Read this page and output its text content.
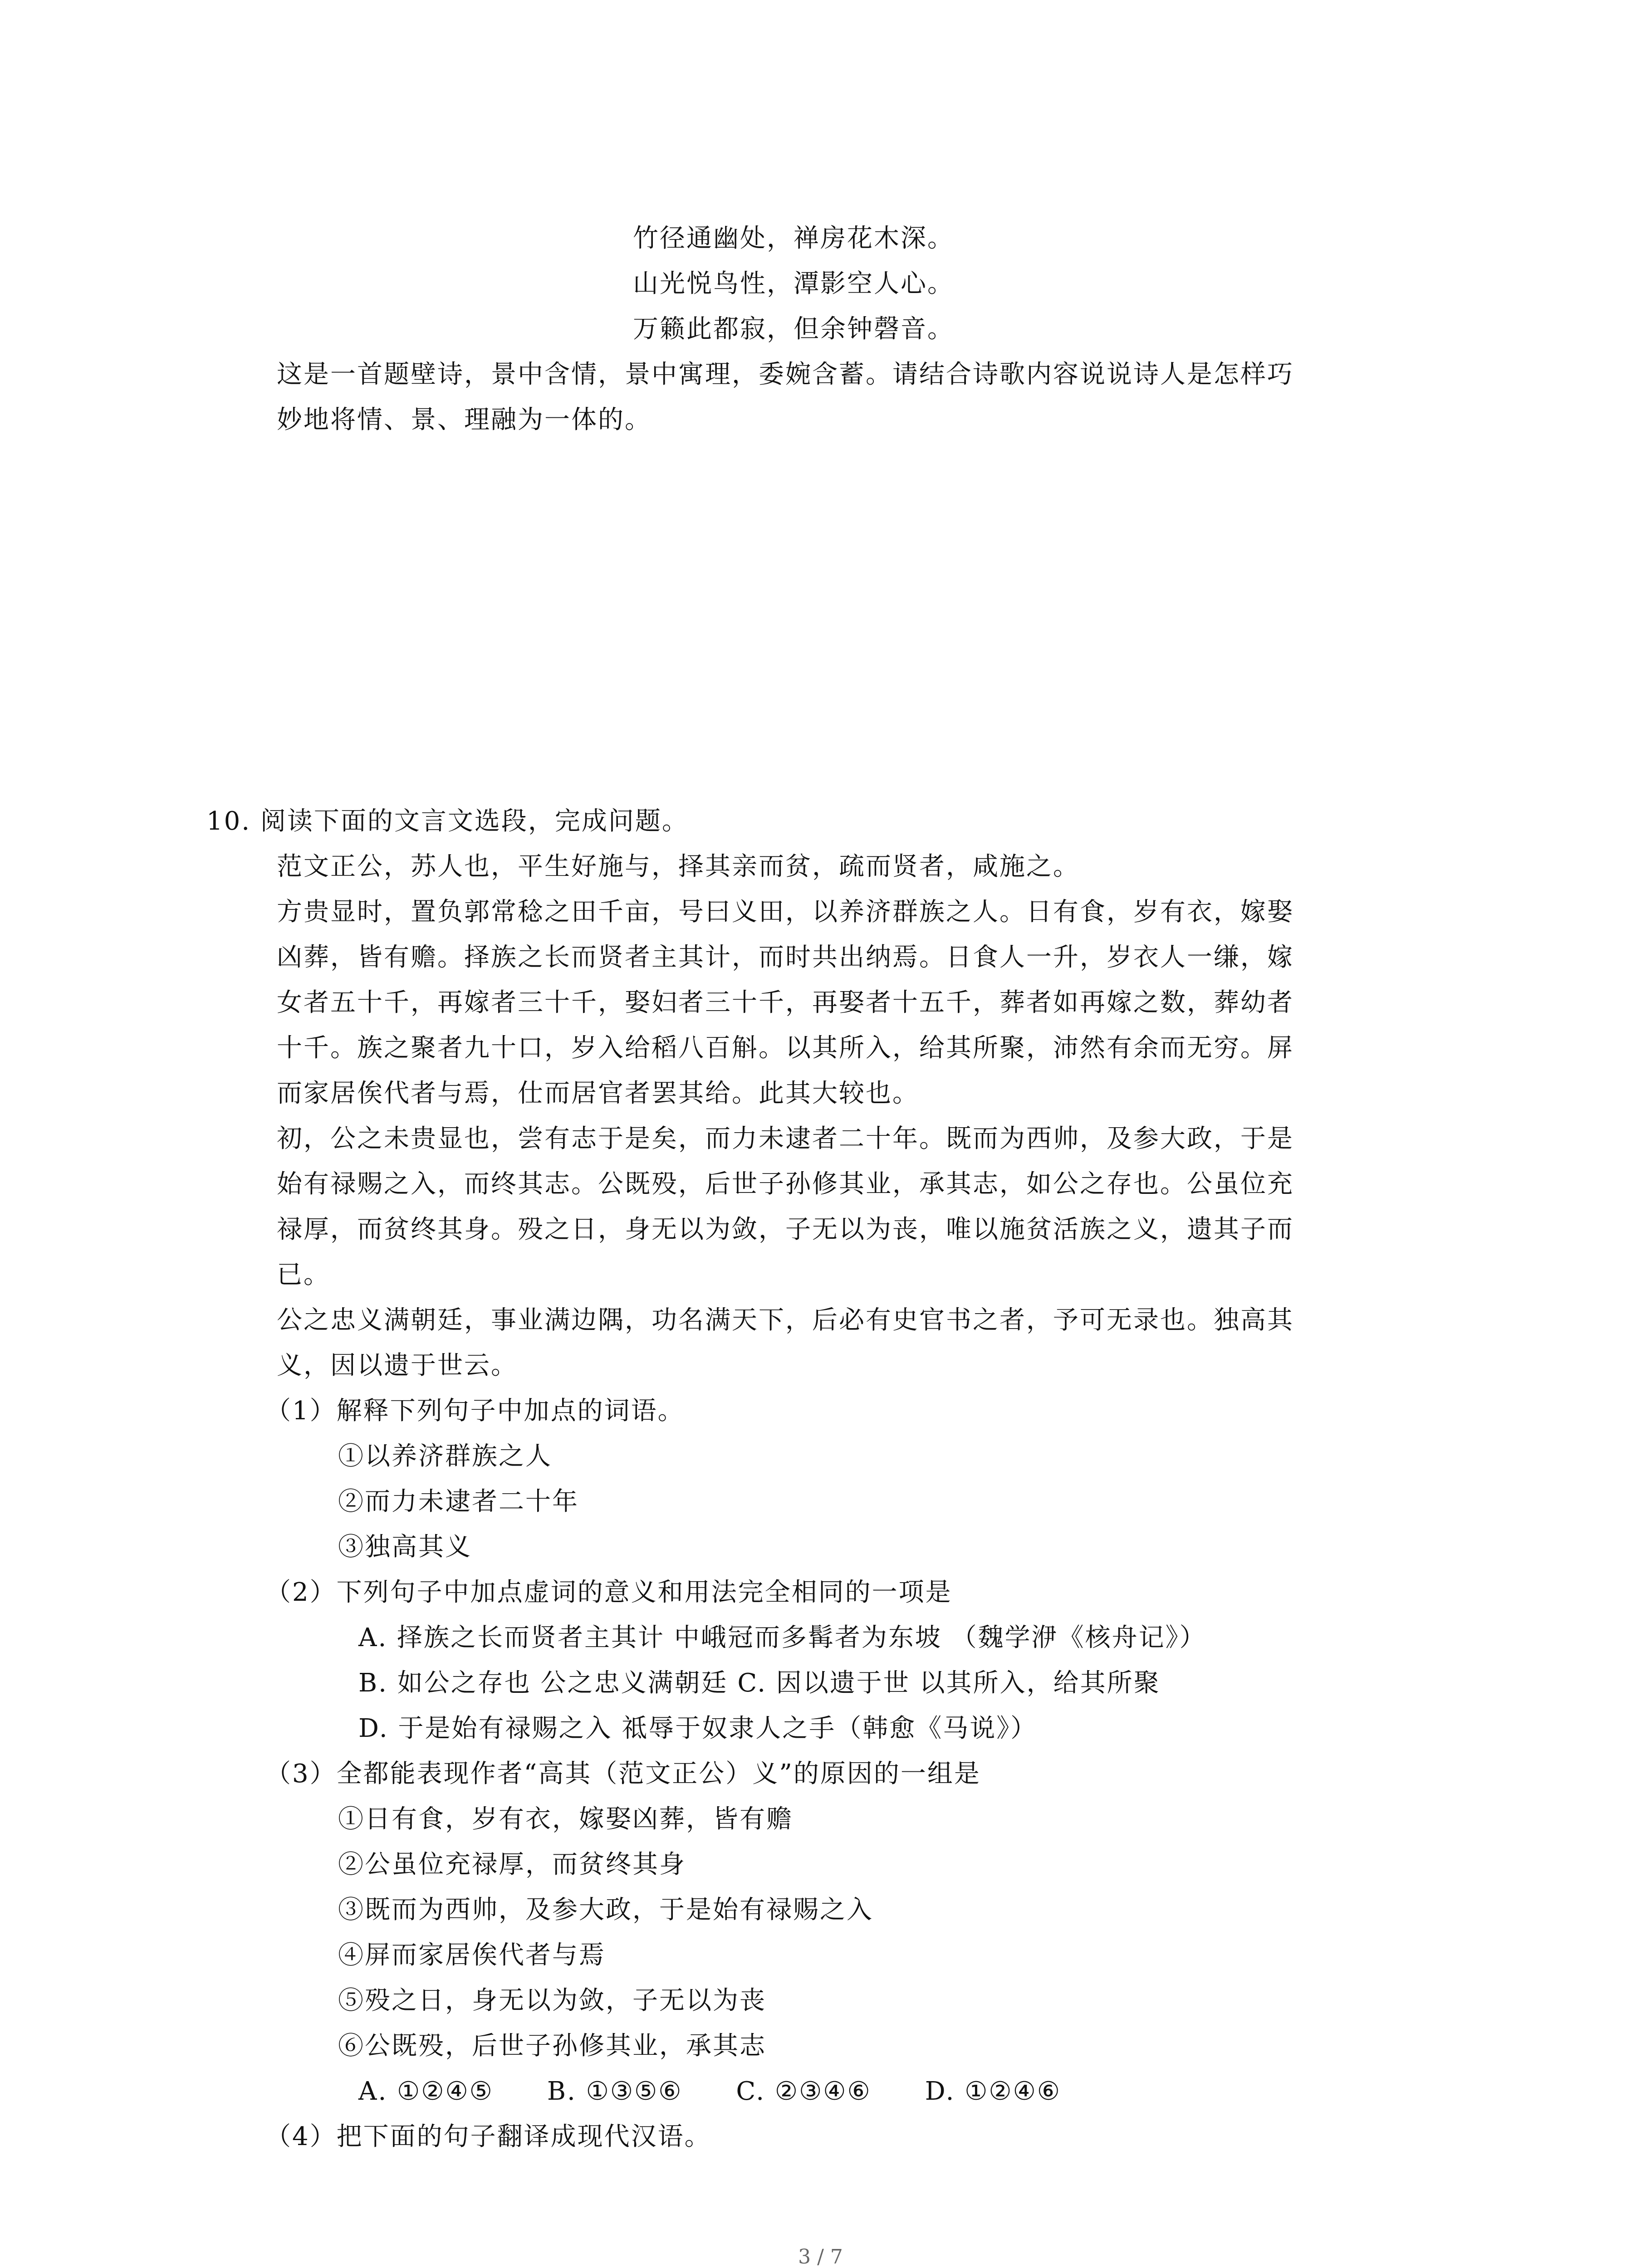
竹径通幽处，禅房花木深。
山光悦鸟性，潭影空人心。
万籁此都寂，但余钟磬音。
这是一首题壁诗，景中含情，景中寓理，委婉含蓄。请结合诗歌内容说说诗人是怎样巧
妙地将情、景、理融为一体的。
10. 阅读下面的文言文选段，完成问题。
范文正公，苏人也，平生好施与，择其亲而贫，疏而贤者，咸施之。
方贵显时，置负郭常稔之田千亩，号曰义田，以养济群族之人。日有食，岁有衣，嫁娶
凶葬，皆有赡。择族之长而贤者主其计，而时共出纳焉。日食人一升，岁衣人一缣，嫁
女者五十千，再嫁者三十千，娶妇者三十千，再娶者十五千，葬者如再嫁之数，葬幼者
十千。族之聚者九十口，岁入给稻八百斛。以其所入，给其所聚，沛然有余而无穷。屏
而家居俟代者与焉，仕而居官者罢其给。此其大较也。
初，公之未贵显也，尝有志于是矣，而力未逮者二十年。既而为西帅，及参大政，于是
始有禄赐之入，而终其志。公既殁，后世子孙修其业，承其志，如公之存也。公虽位充
禄厚，而贫终其身。殁之日，身无以为敛，子无以为丧，唯以施贫活族之义，遗其子而
已。
公之忠义满朝廷，事业满边隅，功名满天下，后必有史官书之者，予可无录也。独高其
义，因以遗于世云。
（1）解释下列句子中加点的词语。
①以养济群族之人
②而力未逮者二十年
③独高其义
（2）下列句子中加点虚词的意义和用法完全相同的一项是
A. 择族之长而贤者主其计 中峨冠而多髯者为东坡 （魏学洢《核舟记》）
B. 如公之存也 公之忠义满朝廷 C. 因以遗于世 以其所入，给其所聚
D. 于是始有禄赐之入 祗辱于奴隶人之手（韩愈《马说》）
（3）全都能表现作者“高其（范文正公）义”的原因的一组是
①日有食，岁有衣，嫁娶凶葬，皆有赡
②公虽位充禄厚，而贫终其身
③既而为西帅，及参大政，于是始有禄赐之入
④屏而家居俟代者与焉
⑤殁之日，身无以为敛，子无以为丧
⑥公既殁，后世子孙修其业，承其志
A. ①②④⑤　　B. ①③⑤⑥　　C. ②③④⑥　　D. ①②④⑥
（4）把下面的句子翻译成现代汉语。
3 / 7
